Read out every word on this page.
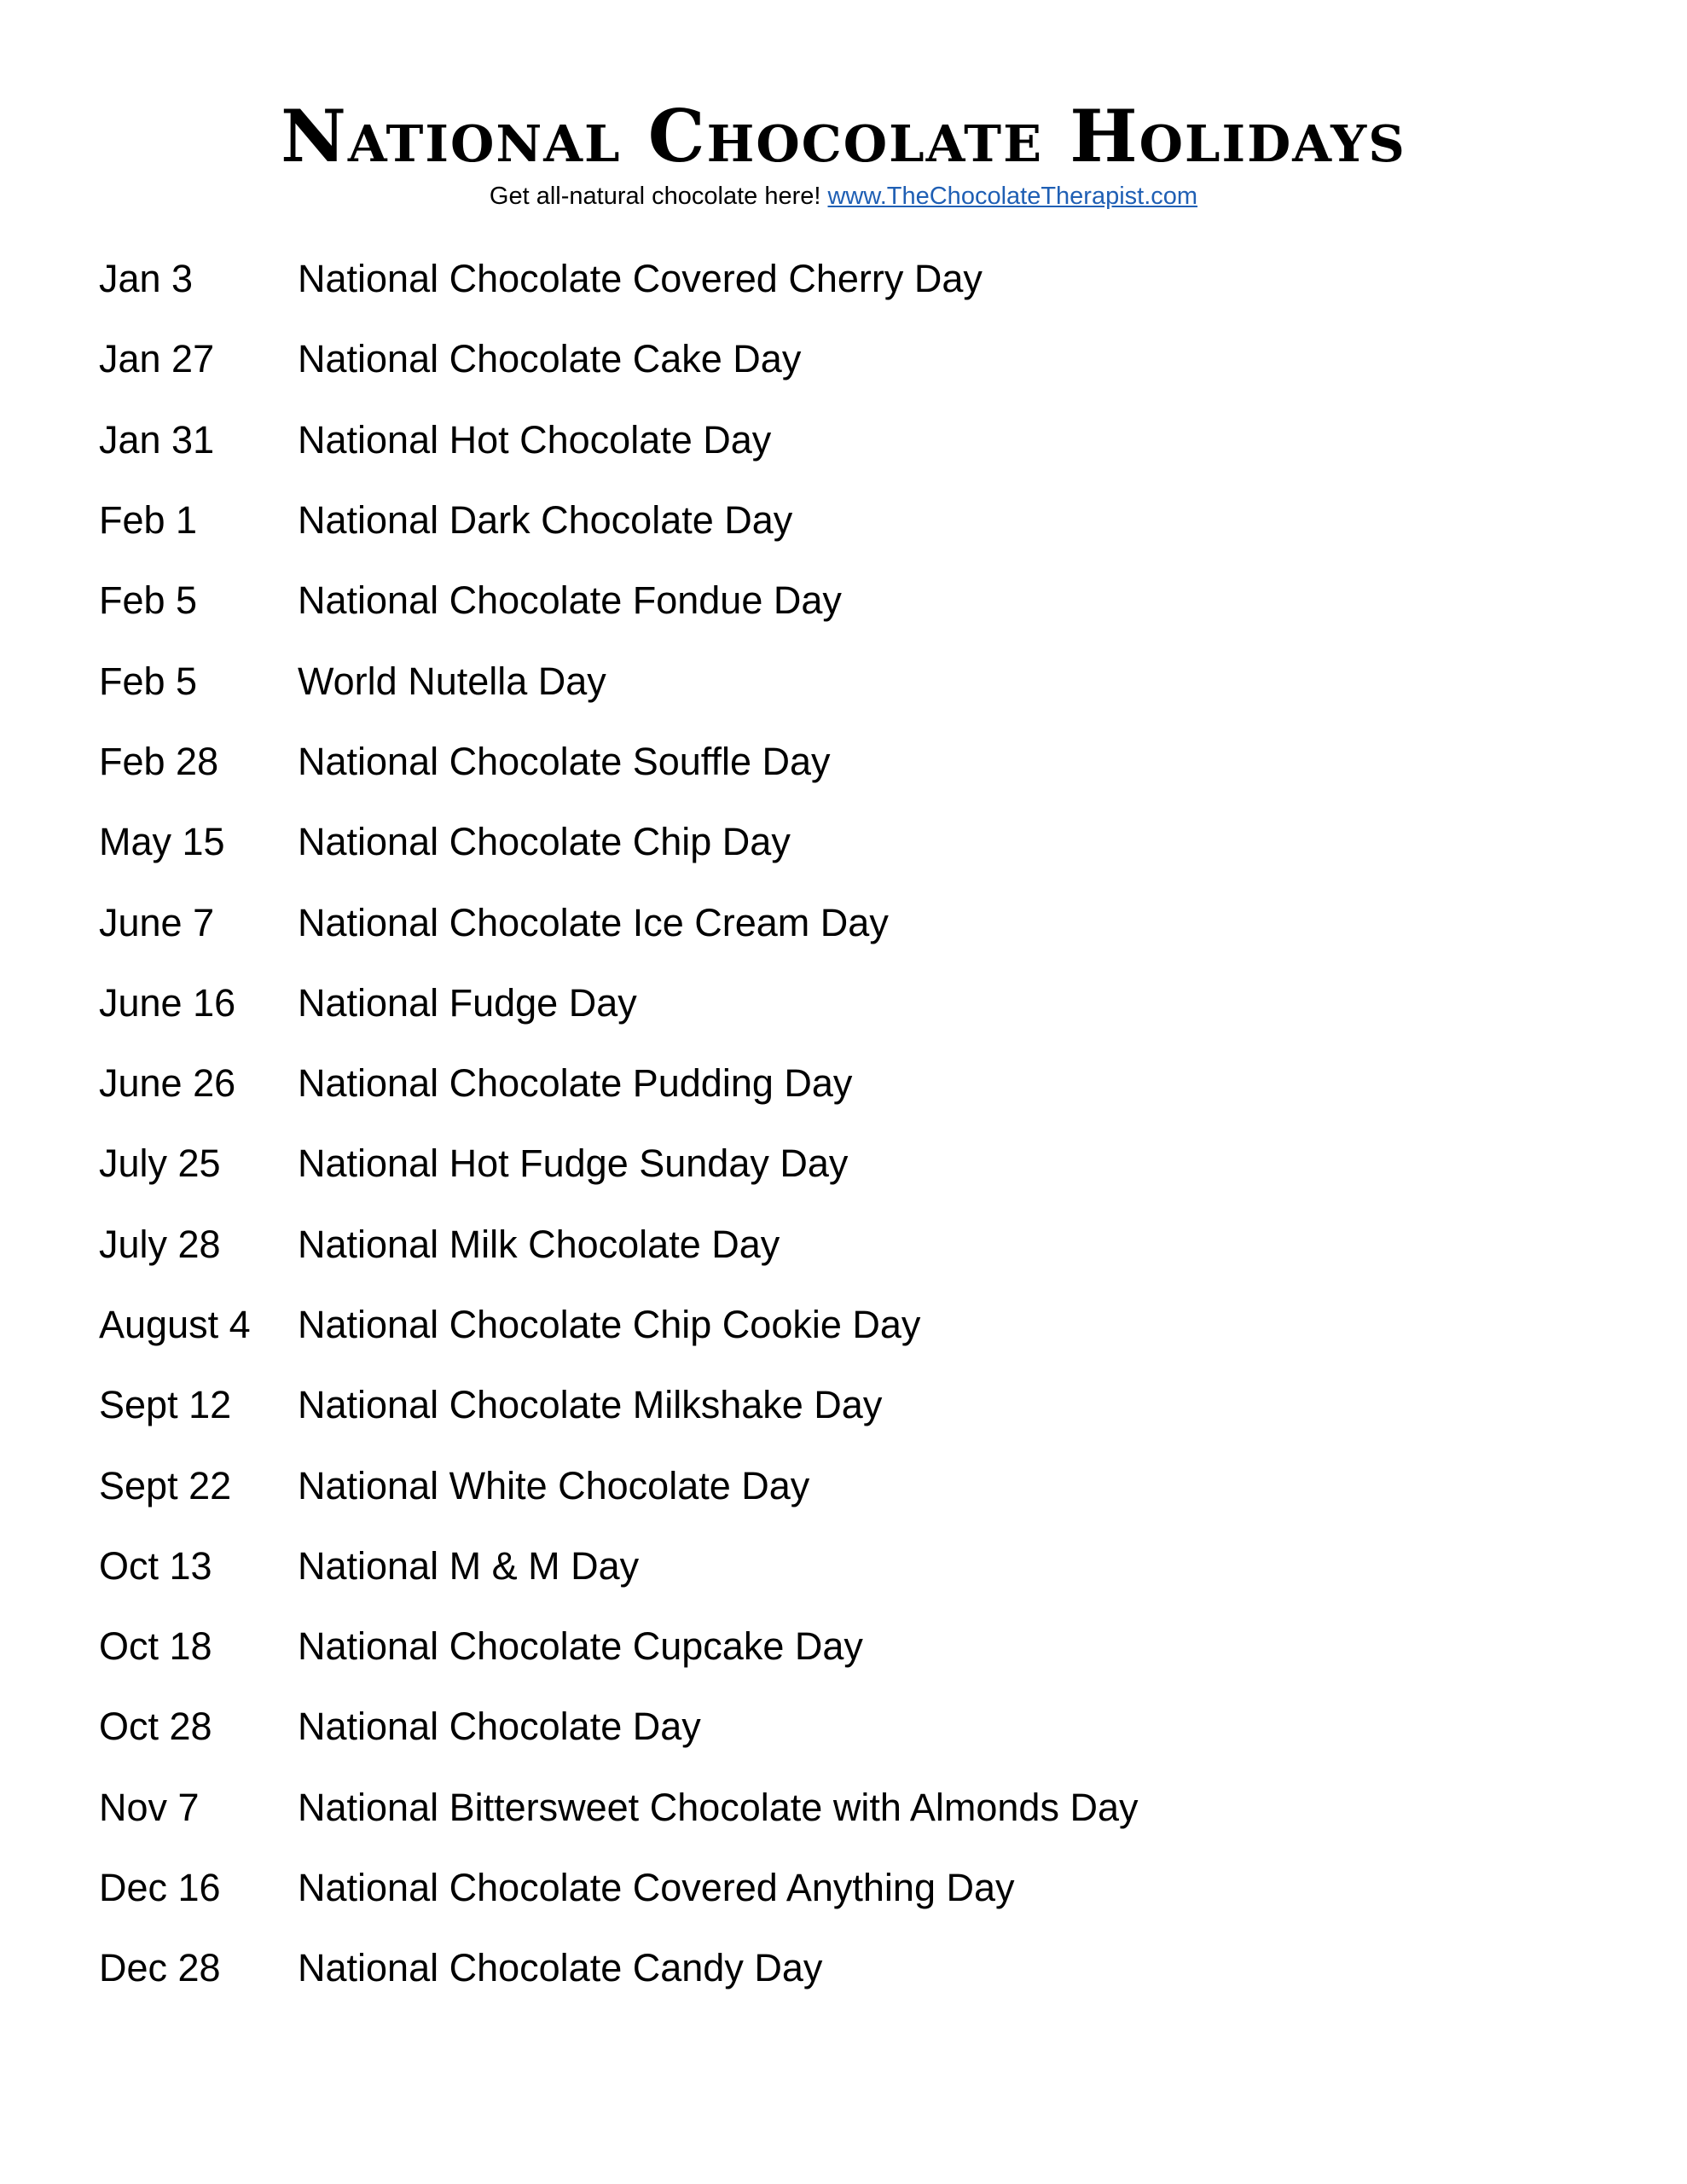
National Chocolate Holidays

Get all-natural chocolate here! www.TheChocolateTherapist.com

Jan 3	National Chocolate Covered Cherry Day
Jan 27	National Chocolate Cake Day
Jan 31	National Hot Chocolate Day
Feb 1	National Dark Chocolate Day
Feb 5	National Chocolate Fondue Day
Feb 5	World Nutella Day
Feb 28	National Chocolate Souffle Day
May 15	National Chocolate Chip Day
June 7	National Chocolate Ice Cream Day
June 16	National Fudge Day
June 26	National Chocolate Pudding Day
July 25	National Hot Fudge Sunday Day
July 28	National Milk Chocolate Day
August 4	National Chocolate Chip Cookie Day
Sept 12	National Chocolate Milkshake Day
Sept 22	National White Chocolate Day
Oct 13	National M & M Day
Oct 18	National Chocolate Cupcake Day
Oct 28	National Chocolate Day
Nov 7	National Bittersweet Chocolate with Almonds Day
Dec 16	National Chocolate Covered Anything Day
Dec 28	National Chocolate Candy Day
